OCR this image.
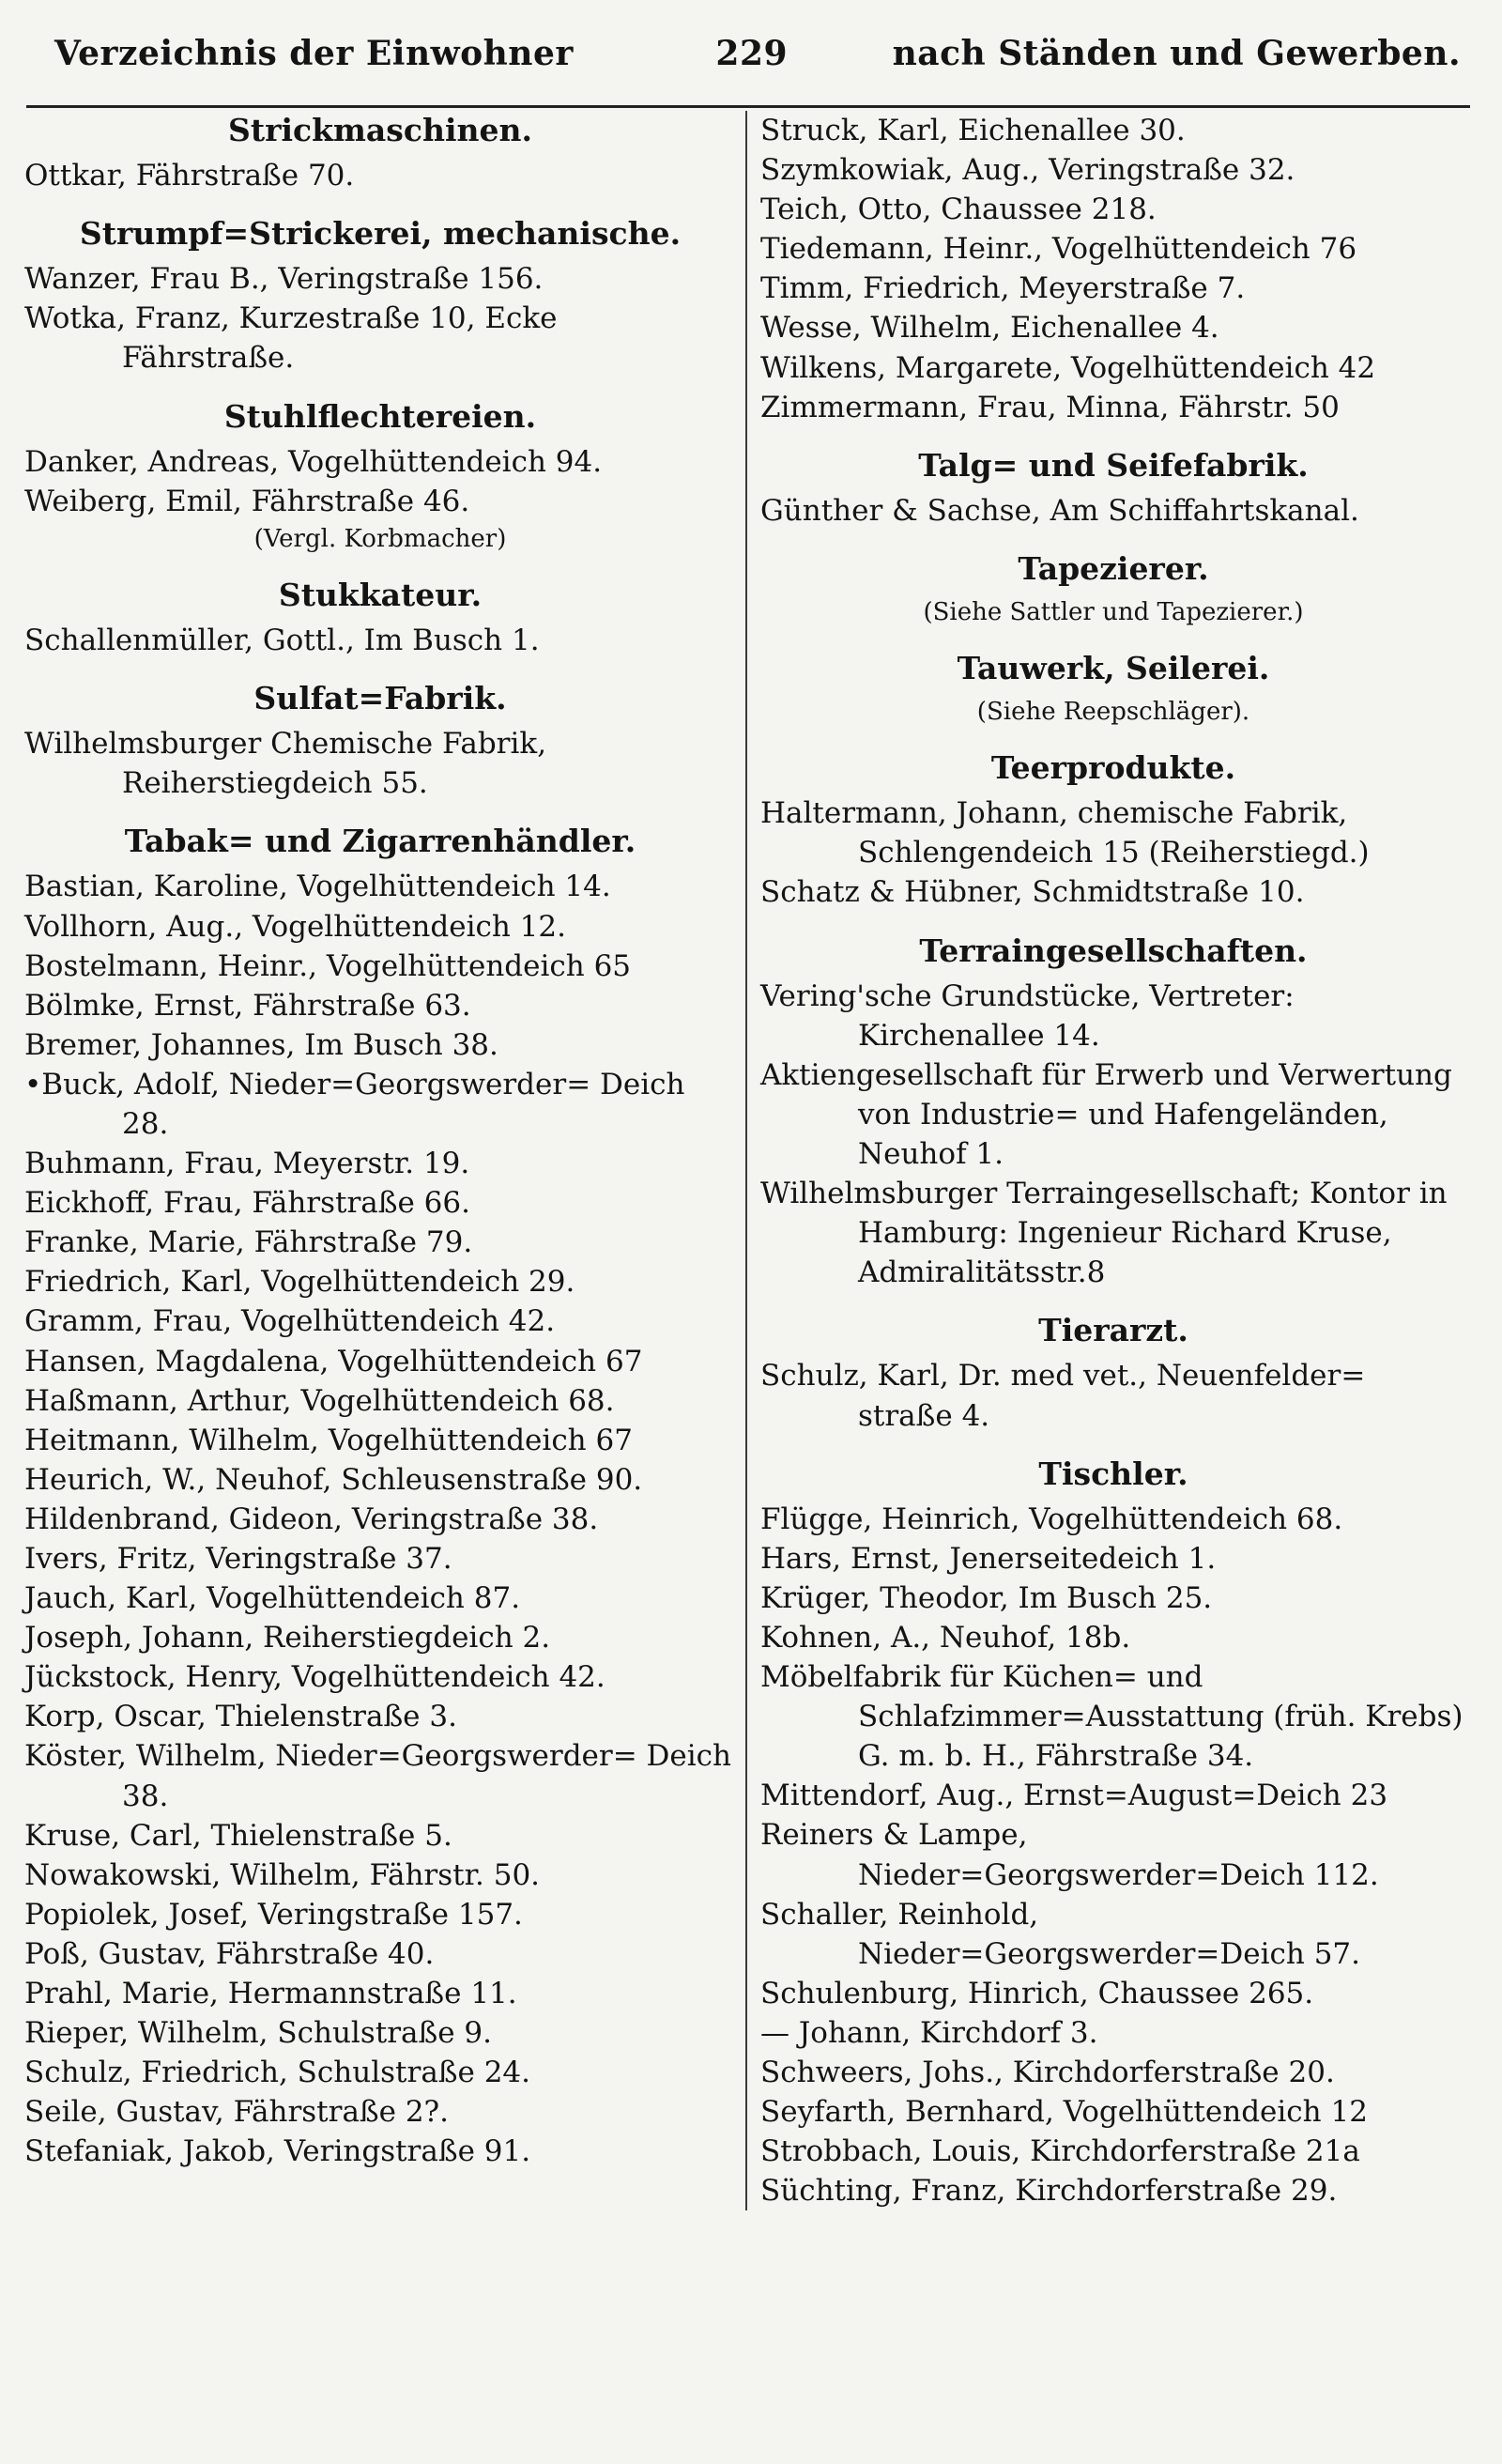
Verzeichnis der Einwohner	229	nach Ständen und Gewerben.
Strickmaschinen.
Ottkar, Fährstraße 70.
Strumpf=Strickerei, mechanische.
Wanzer, Frau B., Veringstraße 156.
Wotka, Franz, Kurzestraße 10, Ecke Fährstraße.
Stuhlflechtereien.
Danker, Andreas, Vogelhüttendeich 94.
Weiberg, Emil, Fährstraße 46.
(Vergl. Korbmacher)
Stukkateur.
Schallenmüller, Gottl., Im Busch 1.
Sulfat=Fabrik.
Wilhelmsburger Chemische Fabrik, Reiherstiegdeich 55.
Tabak= und Zigarrenhändler.
Bastian, Karoline, Vogelhüttendeich 14.
Vollhorn, Aug., Vogelhüttendeich 12.
Bostelmann, Heinr., Vogelhüttendeich 65
Bölmke, Ernst, Fährstraße 63.
Bremer, Johannes, Im Busch 38.
•Buck, Adolf, Nieder=Georgswerder= Deich 28.
Buhmann, Frau, Meyerstr. 19.
Eickhoff, Frau, Fährstraße 66.
Franke, Marie, Fährstraße 79.
Friedrich, Karl, Vogelhüttendeich 29.
Gramm, Frau, Vogelhüttendeich 42.
Hansen, Magdalena, Vogelhüttendeich 67
Haßmann, Arthur, Vogelhüttendeich 68.
Heitmann, Wilhelm, Vogelhüttendeich 67
Heurich, W., Neuhof, Schleusenstraße 90.
Hildenbrand, Gideon, Veringstraße 38.
Ivers, Fritz, Veringstraße 37.
Jauch, Karl, Vogelhüttendeich 87.
Joseph, Johann, Reiherstiegdeich 2.
Jückstock, Henry, Vogelhüttendeich 42.
Korp, Oscar, Thielenstraße 3.
Köster, Wilhelm, Nieder=Georgswerder= Deich 38.
Kruse, Carl, Thielenstraße 5.
Nowakowski, Wilhelm, Fährstr. 50.
Popiolek, Josef, Veringstraße 157.
Poß, Gustav, Fährstraße 40.
Prahl, Marie, Hermannstraße 11.
Rieper, Wilhelm, Schulstraße 9.
Schulz, Friedrich, Schulstraße 24.
Seile, Gustav, Fährstraße 2?.
Stefaniak, Jakob, Veringstraße 91.
Struck, Karl, Eichenallee 30.
Szymkowiak, Aug., Veringstraße 32.
Teich, Otto, Chaussee 218.
Tiedemann, Heinr., Vogelhüttendeich 76
Timm, Friedrich, Meyerstraße 7.
Wesse, Wilhelm, Eichenallee 4.
Wilkens, Margarete, Vogelhüttendeich 42
Zimmermann, Frau, Minna, Fährstr. 50
Talg= und Seifefabrik.
Günther & Sachse, Am Schiffahrtskanal.
Tapezierer.
(Siehe Sattler und Tapezierer.)
Tauwerk, Seilerei.
(Siehe Reepschläger).
Teerprodukte.
Haltermann, Johann, chemische Fabrik, Schlengendeich 15 (Reiherstiegd.)
Schatz & Hübner, Schmidtstraße 10.
Terraingesellschaften.
Vering'sche Grundstücke, Vertreter: Kirchenallee 14.
Aktiengesellschaft für Erwerb und Verwertung von Industrie= und Hafengeländen, Neuhof 1.
Wilhelmsburger Terraingesellschaft; Kontor in Hamburg: Ingenieur Richard Kruse, Admiralitätsstr.8
Tierarzt.
Schulz, Karl, Dr. med vet., Neuenfelder= straße 4.
Tischler.
Flügge, Heinrich, Vogelhüttendeich 68.
Hars, Ernst, Jenerseitedeich 1.
Krüger, Theodor, Im Busch 25.
Kohnen, A., Neuhof, 18b.
Möbelfabrik für Küchen= und Schlafzimmer=Ausstattung (früh. Krebs) G. m. b. H., Fährstraße 34.
Mittendorf, Aug., Ernst=August=Deich 23
Reiners & Lampe, Nieder=Georgswerder=Deich 112.
Schaller, Reinhold, Nieder=Georgswerder=Deich 57.
Schulenburg, Hinrich, Chaussee 265.
— Johann, Kirchdorf 3.
Schweers, Johs., Kirchdorferstraße 20.
Seyfarth, Bernhard, Vogelhüttendeich 12
Strobbach, Louis, Kirchdorferstraße 21a
Süchting, Franz, Kirchdorferstraße 29.
